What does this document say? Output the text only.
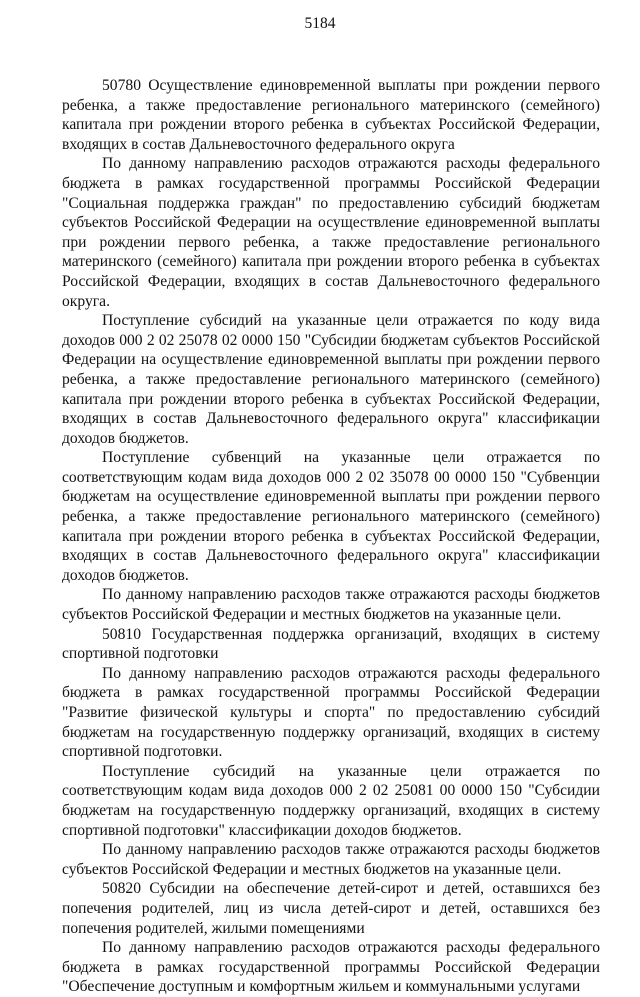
5184

50780 Осуществление единовременной выплаты при рождении первого ребенка, а также предоставление регионального материнского (семейного) капитала при рождении второго ребенка в субъектах Российской Федерации, входящих в состав Дальневосточного федерального округа

По данному направлению расходов отражаются расходы федерального бюджета в рамках государственной программы Российской Федерации "Социальная поддержка граждан" по предоставлению субсидий бюджетам субъектов Российской Федерации на осуществление единовременной выплаты при рождении первого ребенка, а также предоставление регионального материнского (семейного) капитала при рождении второго ребенка в субъектах Российской Федерации, входящих в состав Дальневосточного федерального округа.

Поступление субсидий на указанные цели отражается по коду вида доходов 000 2 02 25078 02 0000 150 "Субсидии бюджетам субъектов Российской Федерации на осуществление единовременной выплаты при рождении первого ребенка, а также предоставление регионального материнского (семейного) капитала при рождении второго ребенка в субъектах Российской Федерации, входящих в состав Дальневосточного федерального округа" классификации доходов бюджетов.

Поступление субвенций на указанные цели отражается по соответствующим кодам вида доходов 000 2 02 35078 00 0000 150 "Субвенции бюджетам на осуществление единовременной выплаты при рождении первого ребенка, а также предоставление регионального материнского (семейного) капитала при рождении второго ребенка в субъектах Российской Федерации, входящих в состав Дальневосточного федерального округа" классификации доходов бюджетов.

По данному направлению расходов также отражаются расходы бюджетов субъектов Российской Федерации и местных бюджетов на указанные цели.

50810 Государственная поддержка организаций, входящих в систему спортивной подготовки

По данному направлению расходов отражаются расходы федерального бюджета в рамках государственной программы Российской Федерации "Развитие физической культуры и спорта" по предоставлению субсидий бюджетам на государственную поддержку организаций, входящих в систему спортивной подготовки.

Поступление субсидий на указанные цели отражается по соответствующим кодам вида доходов 000 2 02 25081 00 0000 150 "Субсидии бюджетам на государственную поддержку организаций, входящих в систему спортивной подготовки" классификации доходов бюджетов.

По данному направлению расходов также отражаются расходы бюджетов субъектов Российской Федерации и местных бюджетов на указанные цели.

50820 Субсидии на обеспечение детей-сирот и детей, оставшихся без попечения родителей, лиц из числа детей-сирот и детей, оставшихся без попечения родителей, жилыми помещениями

По данному направлению расходов отражаются расходы федерального бюджета в рамках государственной программы Российской Федерации "Обеспечение доступным и комфортным жильем и коммунальными услугами
